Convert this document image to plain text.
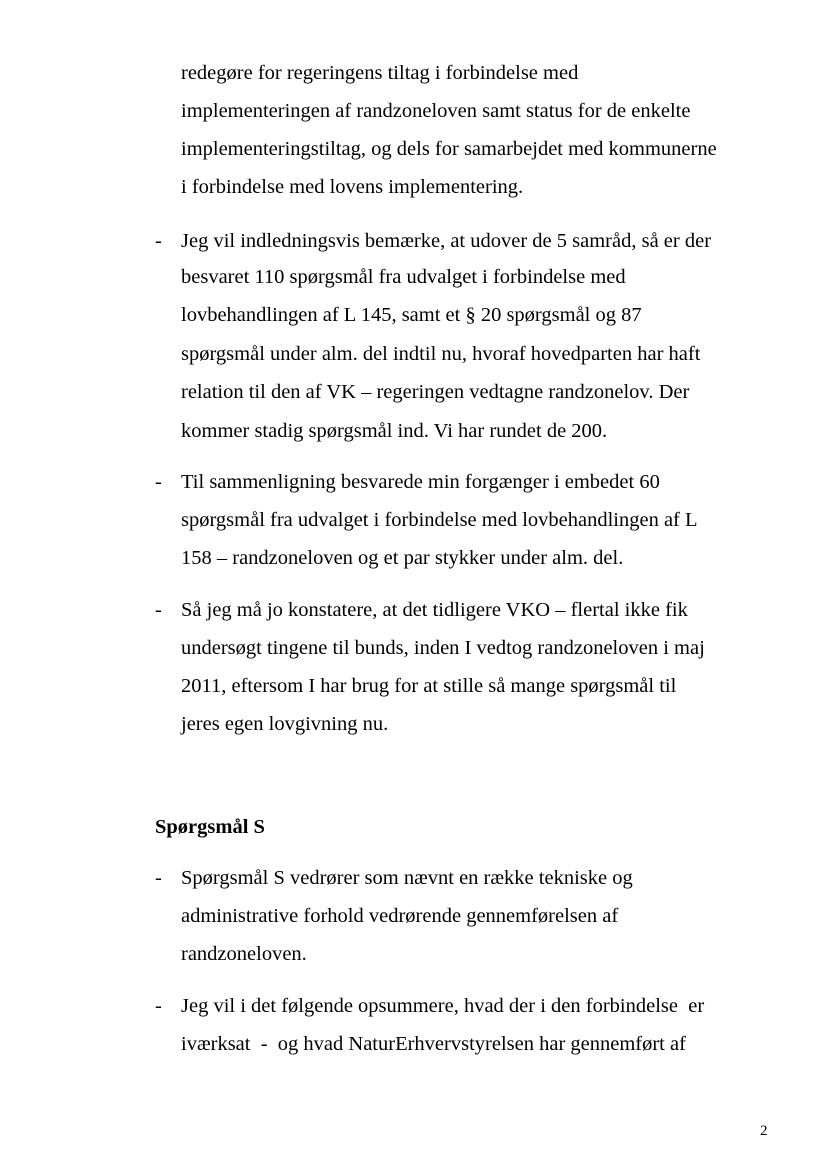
redegøre for regeringens tiltag i forbindelse med
implementeringen af randzoneloven samt status for de enkelte
implementeringstiltag, og dels for samarbejdet med kommunerne
i forbindelse med lovens implementering.
- Jeg vil indledningsvis bemærke, at udover de 5 samråd, så er der
besvaret 110 spørgsmål fra udvalget i forbindelse med
lovbehandlingen af L 145, samt et § 20 spørgsmål og 87
spørgsmål under alm. del indtil nu, hvoraf hovedparten har haft
relation til den af VK – regeringen vedtagne randzonelov. Der
kommer stadig spørgsmål ind. Vi har rundet de 200.
- Til sammenligning besvarede min forgænger i embedet 60
spørgsmål fra udvalget i forbindelse med lovbehandlingen af L
158 – randzoneloven og et par stykker under alm. del.
- Så jeg må jo konstatere, at det tidligere VKO – flertal ikke fik
undersøgt tingene til bunds, inden I vedtog randzoneloven i maj
2011, eftersom I har brug for at stille så mange spørgsmål til
jeres egen lovgivning nu.
Spørgsmål S
- Spørgsmål S vedrører som nævnt en række tekniske og
administrative forhold vedrørende gennemførelsen af
randzoneloven.
- Jeg vil i det følgende opsummere, hvad der i den forbindelse  er
iværksat  -  og hvad NaturErhvervstyrelsen har gennemført af
2
